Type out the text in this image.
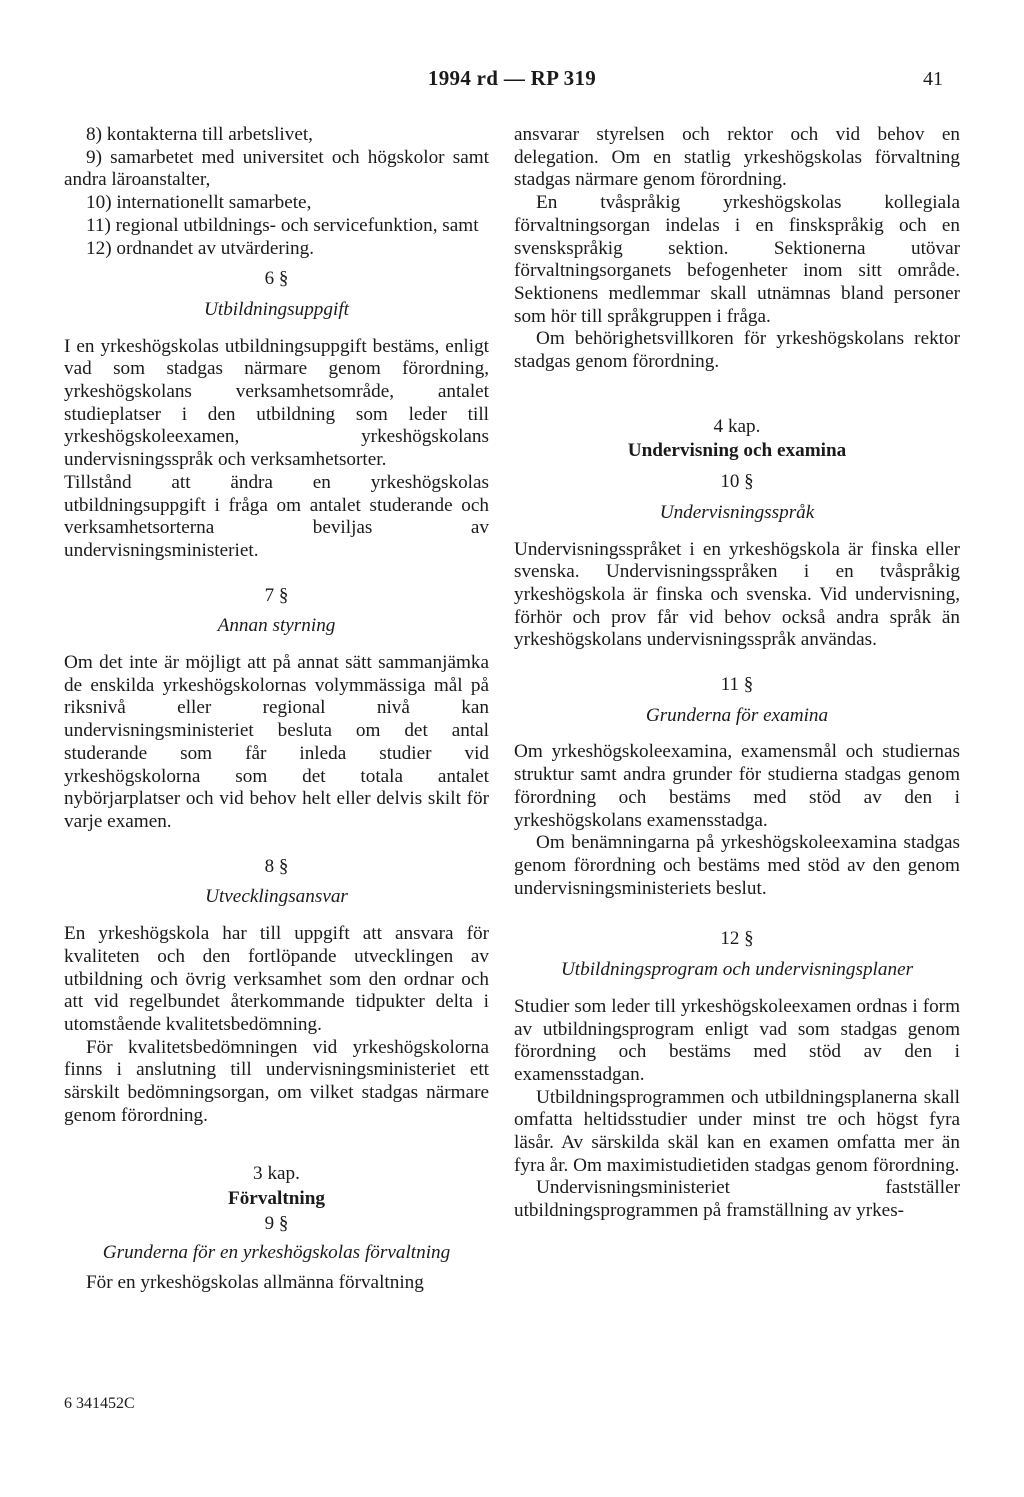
1994 rd — RP 319	41

8) kontakterna till arbetslivet,

9) samarbetet med universitet och högskolor samt andra läroanstalter,

10) internationellt samarbete,

11) regional utbildnings- och servicefunktion, samt

12) ordnandet av utvärdering.

6 §
Utbildningsuppgift

I en yrkeshögskolas utbildningsuppgift bestäms, enligt vad som stadgas närmare genom förordning, yrkeshögskolans verksamhetsområde, antalet studieplatser i den utbildning som leder till yrkeshögskoleexamen, yrkeshögskolans undervisningsspråk och verksamhetsorter.

Tillstånd att ändra en yrkeshögskolas utbildningsuppgift i fråga om antalet studerande och verksamhetsorterna beviljas av undervisningsministeriet.

7 §
Annan styrning

Om det inte är möjligt att på annat sätt sammanjämka de enskilda yrkeshögskolornas volymmässiga mål på riksnivå eller regional nivå kan undervisningsministeriet besluta om det antal studerande som får inleda studier vid yrkeshögskolorna som det totala antalet nybörjarplatser och vid behov helt eller delvis skilt för varje examen.

8 §
Utvecklingsansvar

En yrkeshögskola har till uppgift att ansvara för kvaliteten och den fortlöpande utvecklingen av utbildning och övrig verksamhet som den ordnar och att vid regelbundet återkommande tidpukter delta i utomstående kvalitetsbedömning.

För kvalitetsbedömningen vid yrkeshögskolorna finns i anslutning till undervisningsministeriet ett särskilt bedömningsorgan, om vilket stadgas närmare genom förordning.

3 kap.
Förvaltning
9 §
Grunderna för en yrkeshögskolas förvaltning

För en yrkeshögskolas allmänna förvaltning

ansvarar styrelsen och rektor och vid behov en delegation. Om en statlig yrkeshögskolas förvaltning stadgas närmare genom förordning.

En tvåspråkig yrkeshögskolas kollegiala förvaltningsorgan indelas i en finskspråkig och en svenskspråkig sektion. Sektionerna utövar förvaltningsorganets befogenheter inom sitt område. Sektionens medlemmar skall utnämnas bland personer som hör till språkgruppen i fråga.

Om behörighetsvillkoren för yrkeshögskolans rektor stadgas genom förordning.

4 kap.
Undervisning och examina
10 §
Undervisningsspråk

Undervisningsspråket i en yrkeshögskola är finska eller svenska. Undervisningsspråken i en tvåspråkig yrkeshögskola är finska och svenska. Vid undervisning, förhör och prov får vid behov också andra språk än yrkeshögskolans undervisningsspråk användas.

11 §
Grunderna för examina

Om yrkeshögskoleexamina, examensmål och studiernas struktur samt andra grunder för studierna stadgas genom förordning och bestäms med stöd av den i yrkeshögskolans examensstadga.

Om benämningarna på yrkeshögskoleexamina stadgas genom förordning och bestäms med stöd av den genom undervisningsministeriets beslut.

12 §
Utbildningsprogram och undervisningsplaner

Studier som leder till yrkeshögskoleexamen ordnas i form av utbildningsprogram enligt vad som stadgas genom förordning och bestäms med stöd av den i examensstadgan.

Utbildningsprogrammen och utbildningsplanerna skall omfatta heltidsstudier under minst tre och högst fyra läsår. Av särskilda skäl kan en examen omfatta mer än fyra år. Om maximistudietiden stadgas genom förordning.

Undervisningsministeriet fastställer utbildningsprogrammen på framställning av yrkes-

6 341452C
